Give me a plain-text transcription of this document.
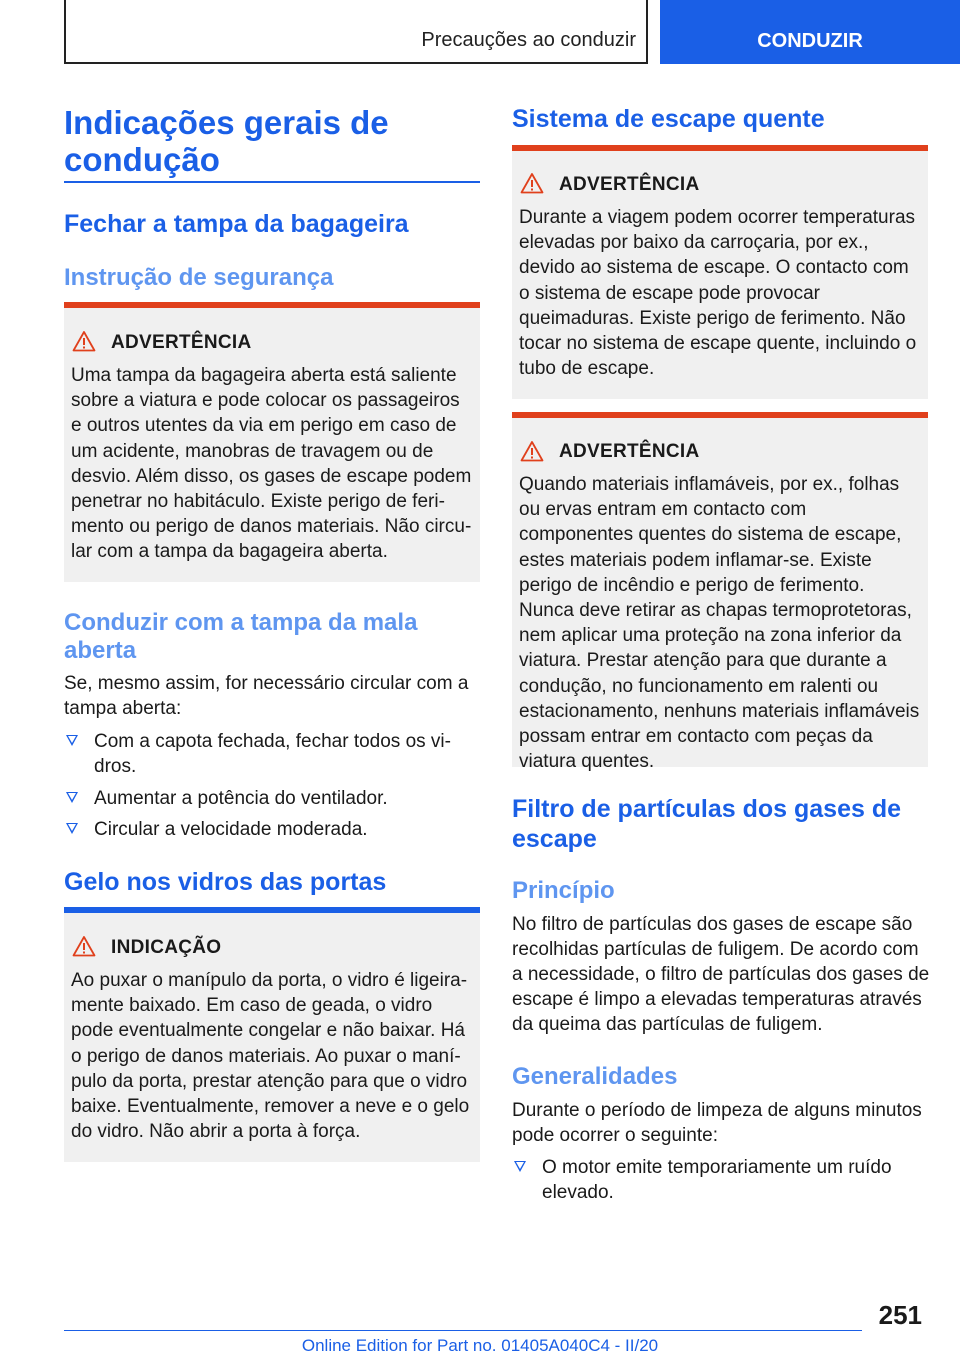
Precauções ao conduzir	CONDUZIR
Indicações gerais de condução
Fechar a tampa da bagageira
Instrução de segurança
ADVERTÊNCIA
Uma tampa da bagageira aberta está saliente sobre a viatura e pode colocar os passageiros e outros utentes da via em perigo em caso de um acidente, manobras de travagem ou de desvio. Além disso, os gases de escape podem penetrar no habitáculo. Existe perigo de ferimento ou perigo de danos materiais. Não circular com a tampa da bagageira aberta.
Conduzir com a tampa da mala aberta
Se, mesmo assim, for necessário circular com a tampa aberta:
Com a capota fechada, fechar todos os vidros.
Aumentar a potência do ventilador.
Circular a velocidade moderada.
Gelo nos vidros das portas
INDICAÇÃO
Ao puxar o manípulo da porta, o vidro é ligeiramente baixado. Em caso de geada, o vidro pode eventualmente congelar e não baixar. Há o perigo de danos materiais. Ao puxar o manípulo da porta, prestar atenção para que o vidro baixe. Eventualmente, remover a neve e o gelo do vidro. Não abrir a porta à força.
Sistema de escape quente
ADVERTÊNCIA
Durante a viagem podem ocorrer temperaturas elevadas por baixo da carroçaria, por ex., devido ao sistema de escape. O contacto com o sistema de escape pode provocar queimaduras. Existe perigo de ferimento. Não tocar no sistema de escape quente, incluindo o tubo de escape.
ADVERTÊNCIA
Quando materiais inflamáveis, por ex., folhas ou ervas entram em contacto com componentes quentes do sistema de escape, estes materiais podem inflamar-se. Existe perigo de incêndio e perigo de ferimento. Nunca deve retirar as chapas termoprotetoras, nem aplicar uma proteção na zona inferior da viatura. Prestar atenção para que durante a condução, no funcionamento em ralenti ou estacionamento, nenhuns materiais inflamáveis possam entrar em contacto com peças da viatura quentes.
Filtro de partículas dos gases de escape
Princípio
No filtro de partículas dos gases de escape são recolhidas partículas de fuligem. De acordo com a necessidade, o filtro de partículas dos gases de escape é limpo a elevadas temperaturas através da queima das partículas de fuligem.
Generalidades
Durante o período de limpeza de alguns minutos pode ocorrer o seguinte:
O motor emite temporariamente um ruído elevado.
251
Online Edition for Part no. 01405A040C4 - II/20
